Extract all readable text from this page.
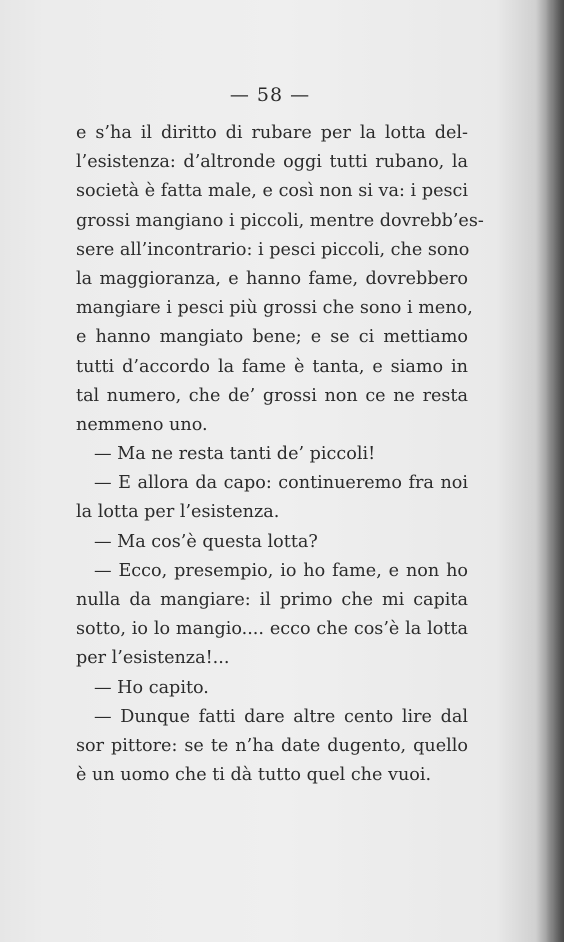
— 58 —
e s’ha il diritto di rubare per la lotta del-
l’esistenza: d’altronde oggi tutti rubano, la
società è fatta male, e così non si va: i pesci
grossi mangiano i piccoli, mentre dovrebb’es-
sere all’incontrario: i pesci piccoli, che sono
la maggioranza, e hanno fame, dovrebbero
mangiare i pesci più grossi che sono i meno,
e hanno mangiato bene; e se ci mettiamo
tutti d’accordo la fame è tanta, e siamo in
tal numero, che de’ grossi non ce ne resta
nemmeno uno.
— Ma ne resta tanti de’ piccoli!
— E allora da capo: continueremo fra noi
la lotta per l’esistenza.
— Ma cos’è questa lotta?
— Ecco, presempio, io ho fame, e non ho
nulla da mangiare: il primo che mi capita
sotto, io lo mangio.... ecco che cos’è la lotta
per l’esistenza!...
— Ho capito.
— Dunque fatti dare altre cento lire dal
sor pittore: se te n’ha date dugento, quello
è un uomo che ti dà tutto quel che vuoi.
